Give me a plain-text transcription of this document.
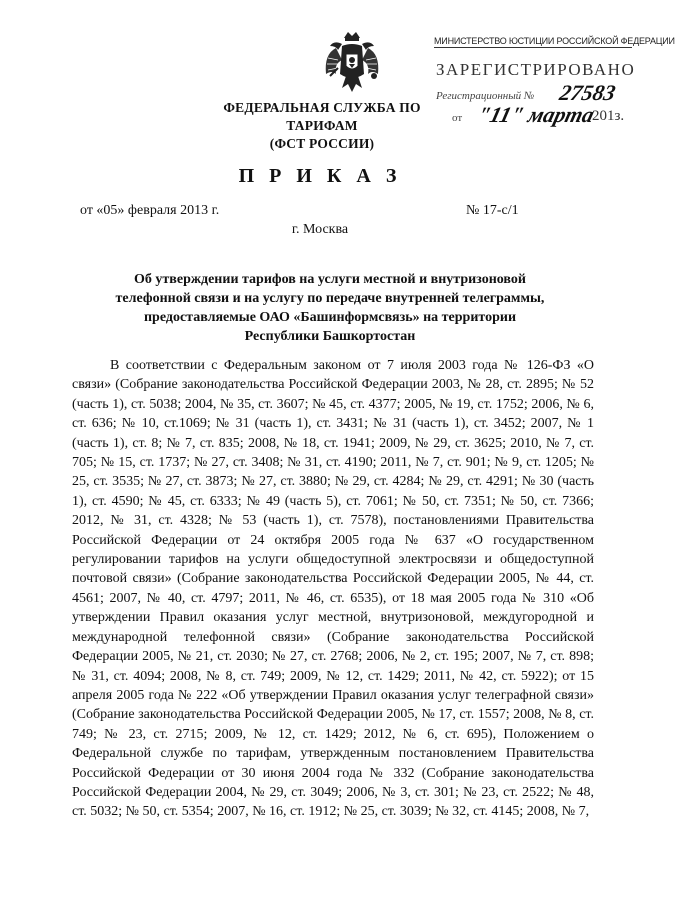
ФЕДЕРАЛЬНАЯ СЛУЖБА ПО ТАРИФАМ
(ФСТ РОССИИ)
МИНИСТЕРСТВО ЮСТИЦИИ РОССИЙСКОЙ ФЕДЕРАЦИИ
ЗАРЕГИСТРИРОВАНО
Регистрационный № 27583
от "11" марта
201з.
П Р И К А З
от «05» февраля 2013 г.	№ 17-с/1
г. Москва
Об утверждении тарифов на услуги местной и внутризоновой
телефонной связи и на услугу по передаче внутренней телеграммы,
предоставляемые ОАО «Башинформсвязь» на территории
Республики Башкортостан

В соответствии с Федеральным законом от 7 июля 2003 года № 126-ФЗ «О связи» (Собрание законодательства Российской Федерации 2003, № 28, ст. 2895; № 52 (часть 1), ст. 5038; 2004, № 35, ст. 3607; № 45, ст. 4377; 2005, № 19, ст. 1752; 2006, № 6, ст. 636; № 10, ст.1069; № 31 (часть 1), ст. 3431; № 31 (часть 1), ст. 3452; 2007, № 1 (часть 1), ст. 8; № 7, ст. 835; 2008, № 18, ст. 1941; 2009, № 29, ст. 3625; 2010, № 7, ст. 705; № 15, ст. 1737; № 27, ст. 3408; № 31, ст. 4190; 2011, № 7, ст. 901; № 9, ст. 1205; № 25, ст. 3535; № 27, ст. 3873; № 27, ст. 3880; № 29, ст. 4284; № 29, ст. 4291; № 30 (часть 1), ст. 4590; № 45, ст. 6333; № 49 (часть 5), ст. 7061; № 50, ст. 7351; № 50, ст. 7366; 2012, № 31, ст. 4328; № 53 (часть 1), ст. 7578), постановлениями Правительства Российской Федерации от 24 октября 2005 года № 637 «О государственном регулировании тарифов на услуги общедоступной электросвязи и общедоступной почтовой связи» (Собрание законодательства Российской Федерации 2005, № 44, ст. 4561; 2007, № 40, ст. 4797; 2011, № 46, ст. 6535), от 18 мая 2005 года № 310 «Об утверждении Правил оказания услуг местной, внутризоновой, междугородной и международной телефонной связи» (Собрание законодательства Российской Федерации 2005, № 21, ст. 2030; № 27, ст. 2768; 2006, № 2, ст. 195; 2007, № 7, ст. 898; № 31, ст. 4094; 2008, № 8, ст. 749; 2009, № 12, ст. 1429; 2011, № 42, ст. 5922); от 15 апреля 2005 года № 222 «Об утверждении Правил оказания услуг телеграфной связи» (Собрание законодательства Российской Федерации 2005, № 17, ст. 1557; 2008, № 8, ст. 749; № 23, ст. 2715; 2009, № 12, ст. 1429; 2012, № 6, ст. 695), Положением о Федеральной службе по тарифам, утвержденным постановлением Правительства Российской Федерации от 30 июня 2004 года № 332 (Собрание законодательства Российской Федерации 2004, № 29, ст. 3049; 2006, № 3, ст. 301; № 23, ст. 2522; № 48, ст. 5032; № 50, ст. 5354; 2007, № 16, ст. 1912; № 25, ст. 3039; № 32, ст. 4145; 2008, № 7,
